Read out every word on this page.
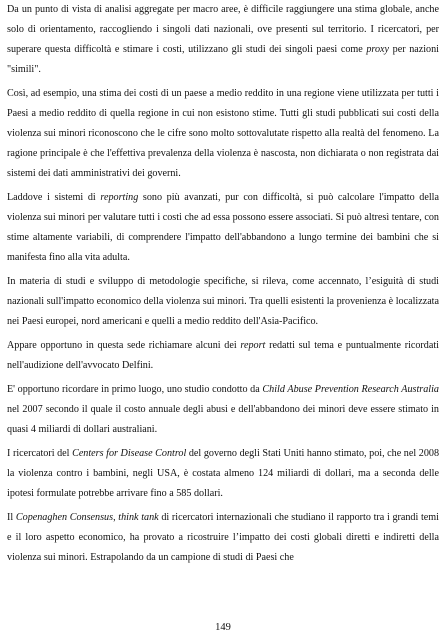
Da un punto di vista di analisi aggregate per macro aree, è difficile raggiungere una stima globale, anche solo di orientamento, raccogliendo i singoli dati nazionali, ove presenti sul territorio. I ricercatori, per superare questa difficoltà e stimare i costi, utilizzano gli studi dei singoli paesi come proxy per nazioni "simili".

Così, ad esempio, una stima dei costi di un paese a medio reddito in una regione viene utilizzata per tutti i Paesi a medio reddito di quella regione in cui non esistono stime. Tutti gli studi pubblicati sui costi della violenza sui minori riconoscono che le cifre sono molto sottovalutate rispetto alla realtà del fenomeno. La ragione principale è che l'effettiva prevalenza della violenza è nascosta, non dichiarata o non registrata dai sistemi dei dati amministrativi dei governi.

Laddove i sistemi di reporting sono più avanzati, pur con difficoltà, si può calcolare l'impatto della violenza sui minori per valutare tutti i costi che ad essa possono essere associati. Si può altresì tentare, con stime altamente variabili, di comprendere l'impatto dell'abbandono a lungo termine dei bambini che si manifesta fino alla vita adulta.

In materia di studi e sviluppo di metodologie specifiche, si rileva, come accennato, l’esiguità di studi nazionali sull'impatto economico della violenza sui minori. Tra quelli esistenti la provenienza è localizzata nei Paesi europei, nord americani e quelli a medio reddito dell'Asia-Pacifico.

Appare opportuno in questa sede richiamare alcuni dei report redatti sul tema e puntualmente ricordati nell'audizione dell'avvocato Delfini.

E' opportuno ricordare in primo luogo, uno studio condotto da Child Abuse Prevention Research Australia nel 2007 secondo il quale il costo annuale degli abusi e dell'abbandono dei minori deve essere stimato in quasi 4 miliardi di dollari australiani.

I ricercatori del Centers for Disease Control del governo degli Stati Uniti hanno stimato, poi, che nel 2008 la violenza contro i bambini, negli USA, è costata almeno 124 miliardi di dollari, ma a seconda delle ipotesi formulate potrebbe arrivare fino a 585 dollari.

Il Copenaghen Consensus, think tank di ricercatori internazionali che studiano il rapporto tra i grandi temi e il loro aspetto economico, ha provato a ricostruire l’impatto dei costi globali diretti e indiretti della violenza sui minori. Estrapolando da un campione di studi di Paesi che

149
